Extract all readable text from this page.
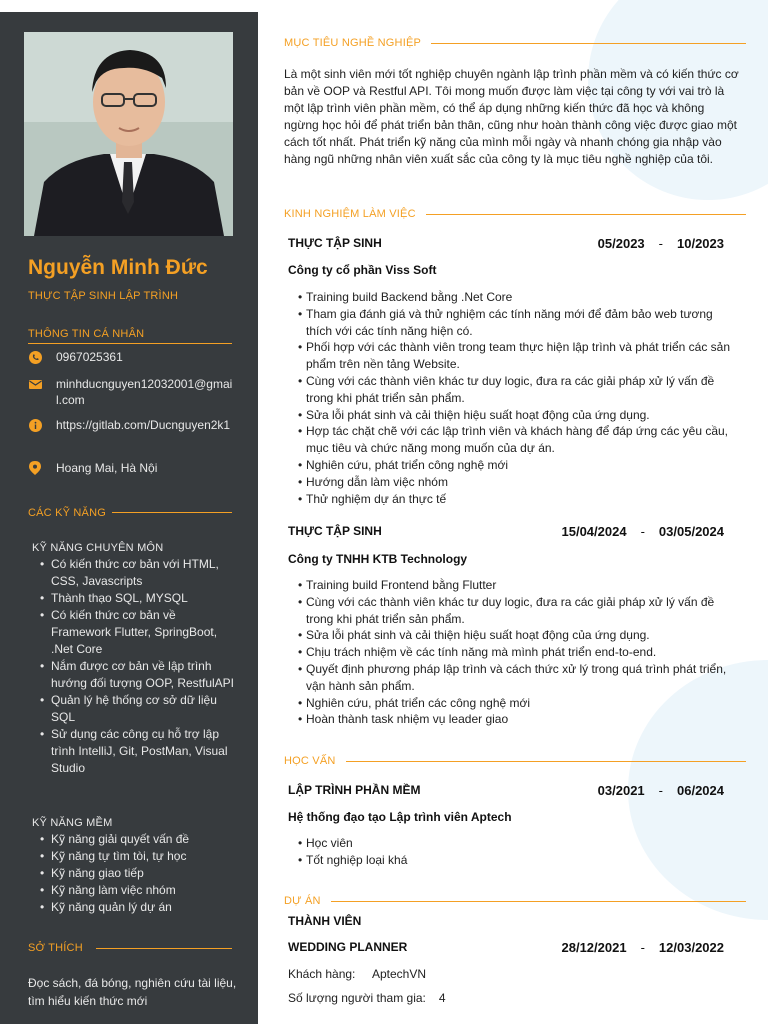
Nguyễn Minh Đức
THỰC TẬP SINH LẬP TRÌNH
THÔNG TIN CÁ NHÂN
0967025361
minhducnguyen12032001@gmail.com
https://gitlab.com/Ducnguyen2k1
Hoang Mai, Hà Nội
CÁC KỸ NĂNG
KỸ NĂNG CHUYÊN MÔN
• Có kiến thức cơ bản với HTML, CSS, Javascripts
• Thành thạo SQL, MYSQL
• Có kiến thức cơ bản về Framework Flutter, SpringBoot, .Net Core
• Nắm được cơ bản về lập trình hướng đối tượng OOP, RestfulAPI
• Quản lý hệ thống cơ sở dữ liệu SQL
• Sử dụng các công cụ hỗ trợ lập trình IntelliJ, Git, PostMan, Visual Studio
KỸ NĂNG MỀM
• Kỹ năng giải quyết vấn đề
• Kỹ năng tự tìm tòi, tự học
• Kỹ năng giao tiếp
• Kỹ năng làm việc nhóm
• Kỹ năng quản lý dự án
SỞ THÍCH
Đọc sách, đá bóng, nghiên cứu tài liệu, tìm hiểu kiến thức mới
MỤC TIÊU NGHỀ NGHIỆP

Là một sinh viên mới tốt nghiệp chuyên ngành lập trình phần mềm và có kiến thức cơ bản về OOP và Restful API. Tôi mong muốn được làm việc tại công ty với vai trò là một lập trình viên phần mềm, có thể áp dụng những kiến thức đã học và không ngừng học hỏi để phát triển bản thân, cũng như hoàn thành công việc được giao một cách tốt nhất. Phát triển kỹ năng của mình mỗi ngày và nhanh chóng gia nhập vào hàng ngũ những nhân viên xuất sắc của công ty là mục tiêu nghề nghiệp của tôi.

KINH NGHIỆM LÀM VIỆC
THỰC TẬP SINH	05/2023 - 10/2023
Công ty cổ phần Viss Soft
• Training build Backend bằng .Net Core
• Tham gia đánh giá và thử nghiệm các tính năng mới để đảm bảo web tương thích với các tính năng hiện có.
• Phối hợp với các thành viên trong team thực hiện lập trình và phát triển các sản phẩm trên nền tảng Website.
• Cùng với các thành viên khác tư duy logic, đưa ra các giải pháp xử lý vấn đề trong khi phát triển sản phẩm.
• Sửa lỗi phát sinh và cải thiện hiệu suất hoạt động của ứng dụng.
• Hợp tác chặt chẽ với các lập trình viên và khách hàng để đáp ứng các yêu cầu, mục tiêu và chức năng mong muốn của dự án.
• Nghiên cứu, phát triển công nghệ mới
• Hướng dẫn làm việc nhóm
• Thử nghiệm dự án thực tế
THỰC TẬP SINH	15/04/2024 - 03/05/2024
Công ty TNHH KTB Technology
• Training build Frontend bằng Flutter
• Cùng với các thành viên khác tư duy logic, đưa ra các giải pháp xử lý vấn đề trong khi phát triển sản phẩm.
• Sửa lỗi phát sinh và cải thiện hiệu suất hoạt động của ứng dụng.
• Chịu trách nhiệm về các tính năng mà mình phát triển end-to-end.
• Quyết định phương pháp lập trình và cách thức xử lý trong quá trình phát triển, vận hành sản phẩm.
• Nghiên cứu, phát triển các công nghệ mới
• Hoàn thành task nhiệm vụ leader giao
HỌC VẤN
LẬP TRÌNH PHẦN MỀM	03/2021 - 06/2024
Hệ thống đạo tạo Lập trình viên Aptech
• Học viên
• Tốt nghiệp loại khá
DỰ ÁN
THÀNH VIÊN
WEDDING PLANNER	28/12/2021 - 12/03/2022
Khách hàng:	AptechVN
Số lượng người tham gia: 4
